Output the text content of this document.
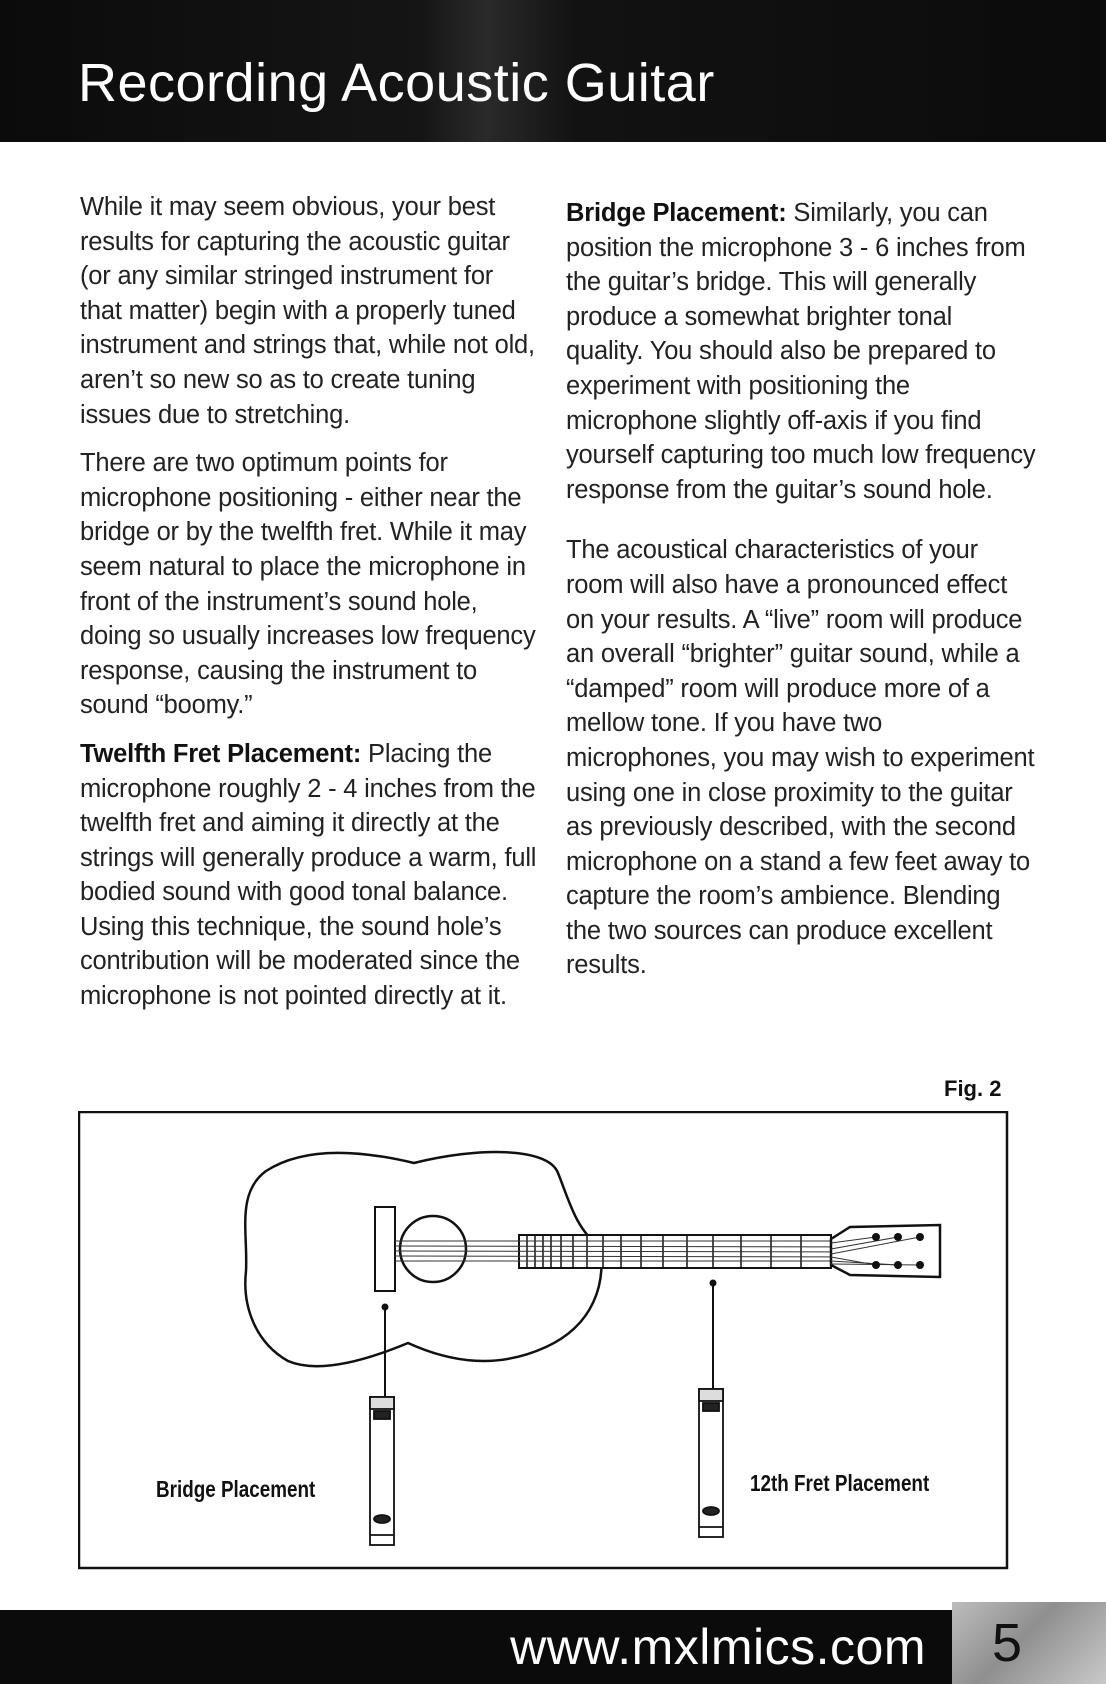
Recording Acoustic Guitar

While it may seem obvious, your best results for capturing the acoustic guitar (or any similar stringed instrument for that matter) begin with a properly tuned instrument and strings that, while not old, aren’t so new so as to create tuning issues due to stretching.

There are two optimum points for microphone positioning - either near the bridge or by the twelfth fret. While it may seem natural to place the microphone in front of the instrument’s sound hole, doing so usually increases low frequency response, causing the instrument to sound “boomy.”

Twelfth Fret Placement: Placing the microphone roughly 2 - 4 inches from the twelfth fret and aiming it directly at the strings will generally produce a warm, full bodied sound with good tonal balance. Using this technique, the sound hole’s contribution will be moderated since the microphone is not pointed directly at it.

Bridge Placement: Similarly, you can position the microphone 3 - 6 inches from the guitar’s bridge. This will generally produce a somewhat brighter tonal quality. You should also be prepared to experiment with positioning the microphone slightly off-axis if you find yourself capturing too much low frequency response from the guitar’s sound hole.

The acoustical characteristics of your room will also have a pronounced effect on your results. A “live” room will produce an overall “brighter” guitar sound, while a “damped” room will produce more of a mellow tone. If you have two microphones, you may wish to experiment using one in close proximity to the guitar as previously described, with the second microphone on a stand a few feet away to capture the room’s ambience. Blending the two sources can produce excellent results.

Fig. 2
Bridge Placement	12th Fret Placement
www.mxlmics.com 5
